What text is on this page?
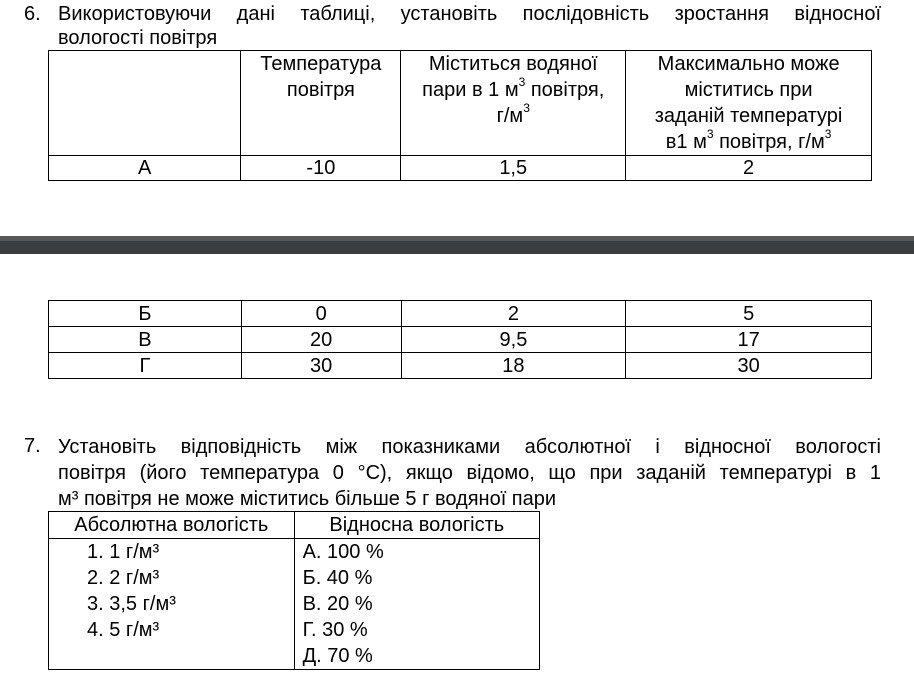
6. Використовуючи дані таблиці, установіть послідовність зростання відносної
вологості повітря

	Температура
повітря	Міститься водяної
пари в 1 $м^3$ повітря,
$г/м^3$	Максимально може
міститись при
заданій температурі
в1 $м^3$ повітря, $г/м^3$

А	-10	1,5	2
Б	0	2	5
В	20	9,5	17
Г	30	18	30
7. Установіть відповідність між показниками абсолютної і відносної вологості
повітря (його температура 0 °С), якщо відомо, що при заданій температурі в 1
м³ повітря не може міститись більше 5 г водяної пари
Абсолютна вологість	Відносна вологість

1. 1 г/м³
2. 2 г/м³
3. 3,5 г/м³
4. 5 г/м³	А. 100 %
Б. 40 %
В. 20 %
Г. 30 %
Д. 70 %
